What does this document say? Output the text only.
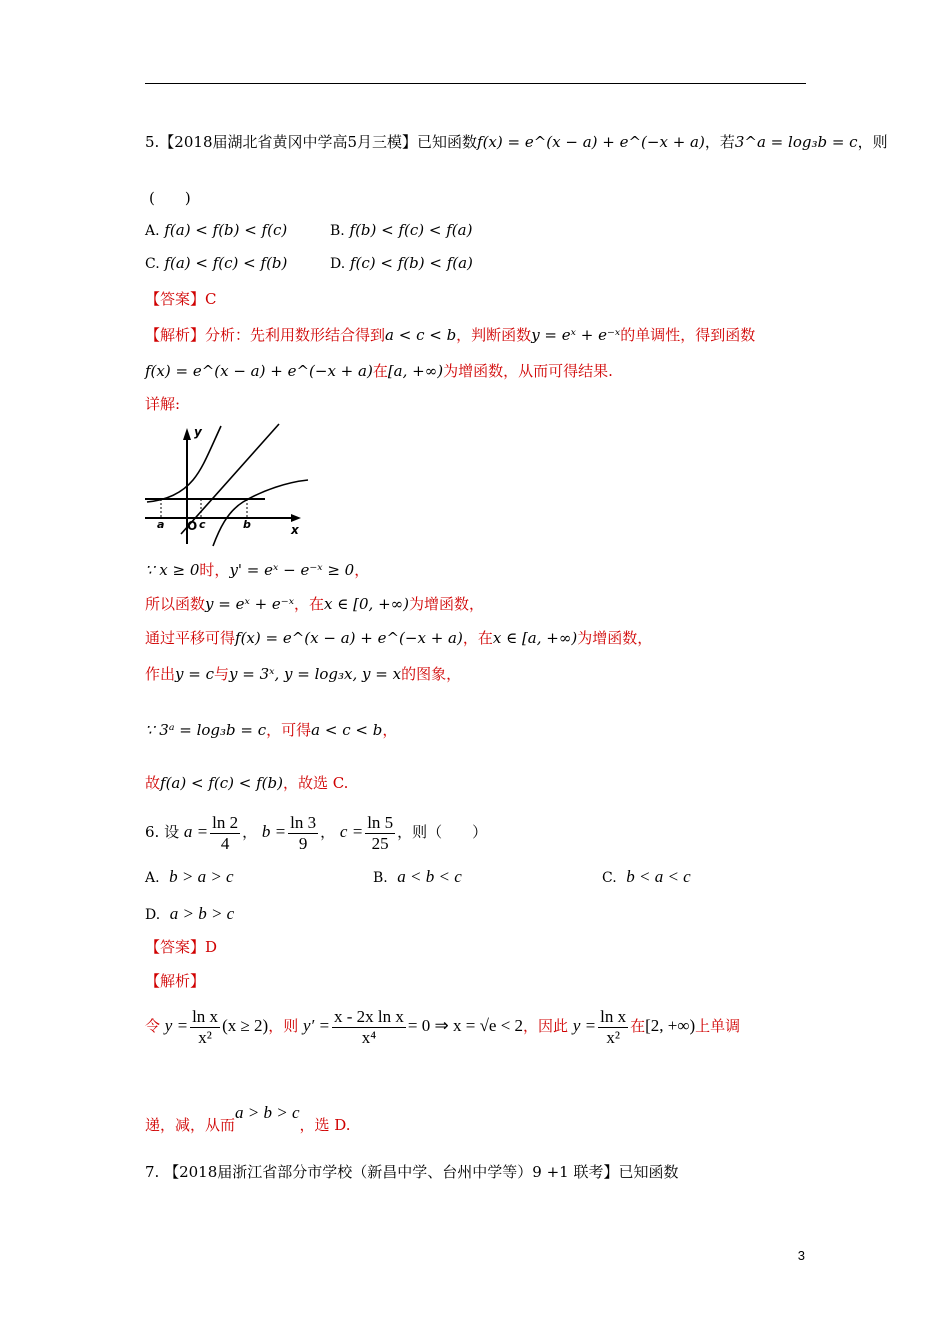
5.【2018届湖北省黄冈中学高5月三模】已知函数f(x) = e^(x − a) + e^(−x + a)，若3^a = log₃b = c，则
(　　)
A. f(a) < f(b) < f(c)	B. f(b) < f(c) < f(a)
C. f(a) < f(c) < f(b)	D. f(c) < f(b) < f(a)
【答案】C
【解析】分析：先利用数形结合得到a < c < b，判断函数y = eˣ + e⁻ˣ的单调性，得到函数
f(x) = e^(x − a) + e^(−x + a)在[a, +∞)为增函数，从而可得结果.
详解:
y
x
a O c	b
∵ x ≥ 0时，y' = eˣ − e⁻ˣ ≥ 0，
所以函数y = eˣ + e⁻ˣ，在x ∈ [0, +∞)为增函数，
通过平移可得f(x) = e^(x − a) + e^(−x + a)，在x ∈ [a, +∞)为增函数，
作出y = c与y = 3ˣ, y = log₃x, y = x的图象，
∵ 3ᵃ = log₃b = c，可得a < c < b，
故f(a) < f(c) < f(b)，故选 C.
6. 设 $a = \frac{\ln 2}{4}$ ， $b = \frac{\ln 3}{9}$ ， $c = \frac{\ln 5}{25}$ ，则（　　）
A. b > a > c	B. a < b < c	C. b < a < c
D. a > b > c
【答案】D
【解析】
令 $y = \frac{\text{ln x}}{\text{x²}} (x \ge 2)$，则 $y' = \frac{\text{x - 2x ln x}}{\text{x⁴}} = 0$ ⇒ x = √e < 2，因此 $y = \frac{\text{ln x}}{\text{x²}}$ 在[2, +∞)上单调
递，减，从而a > b > c，选 D.
7. 【2018届浙江省部分市学校（新昌中学、台州中学等）9 +1 联考】已知函数
3
